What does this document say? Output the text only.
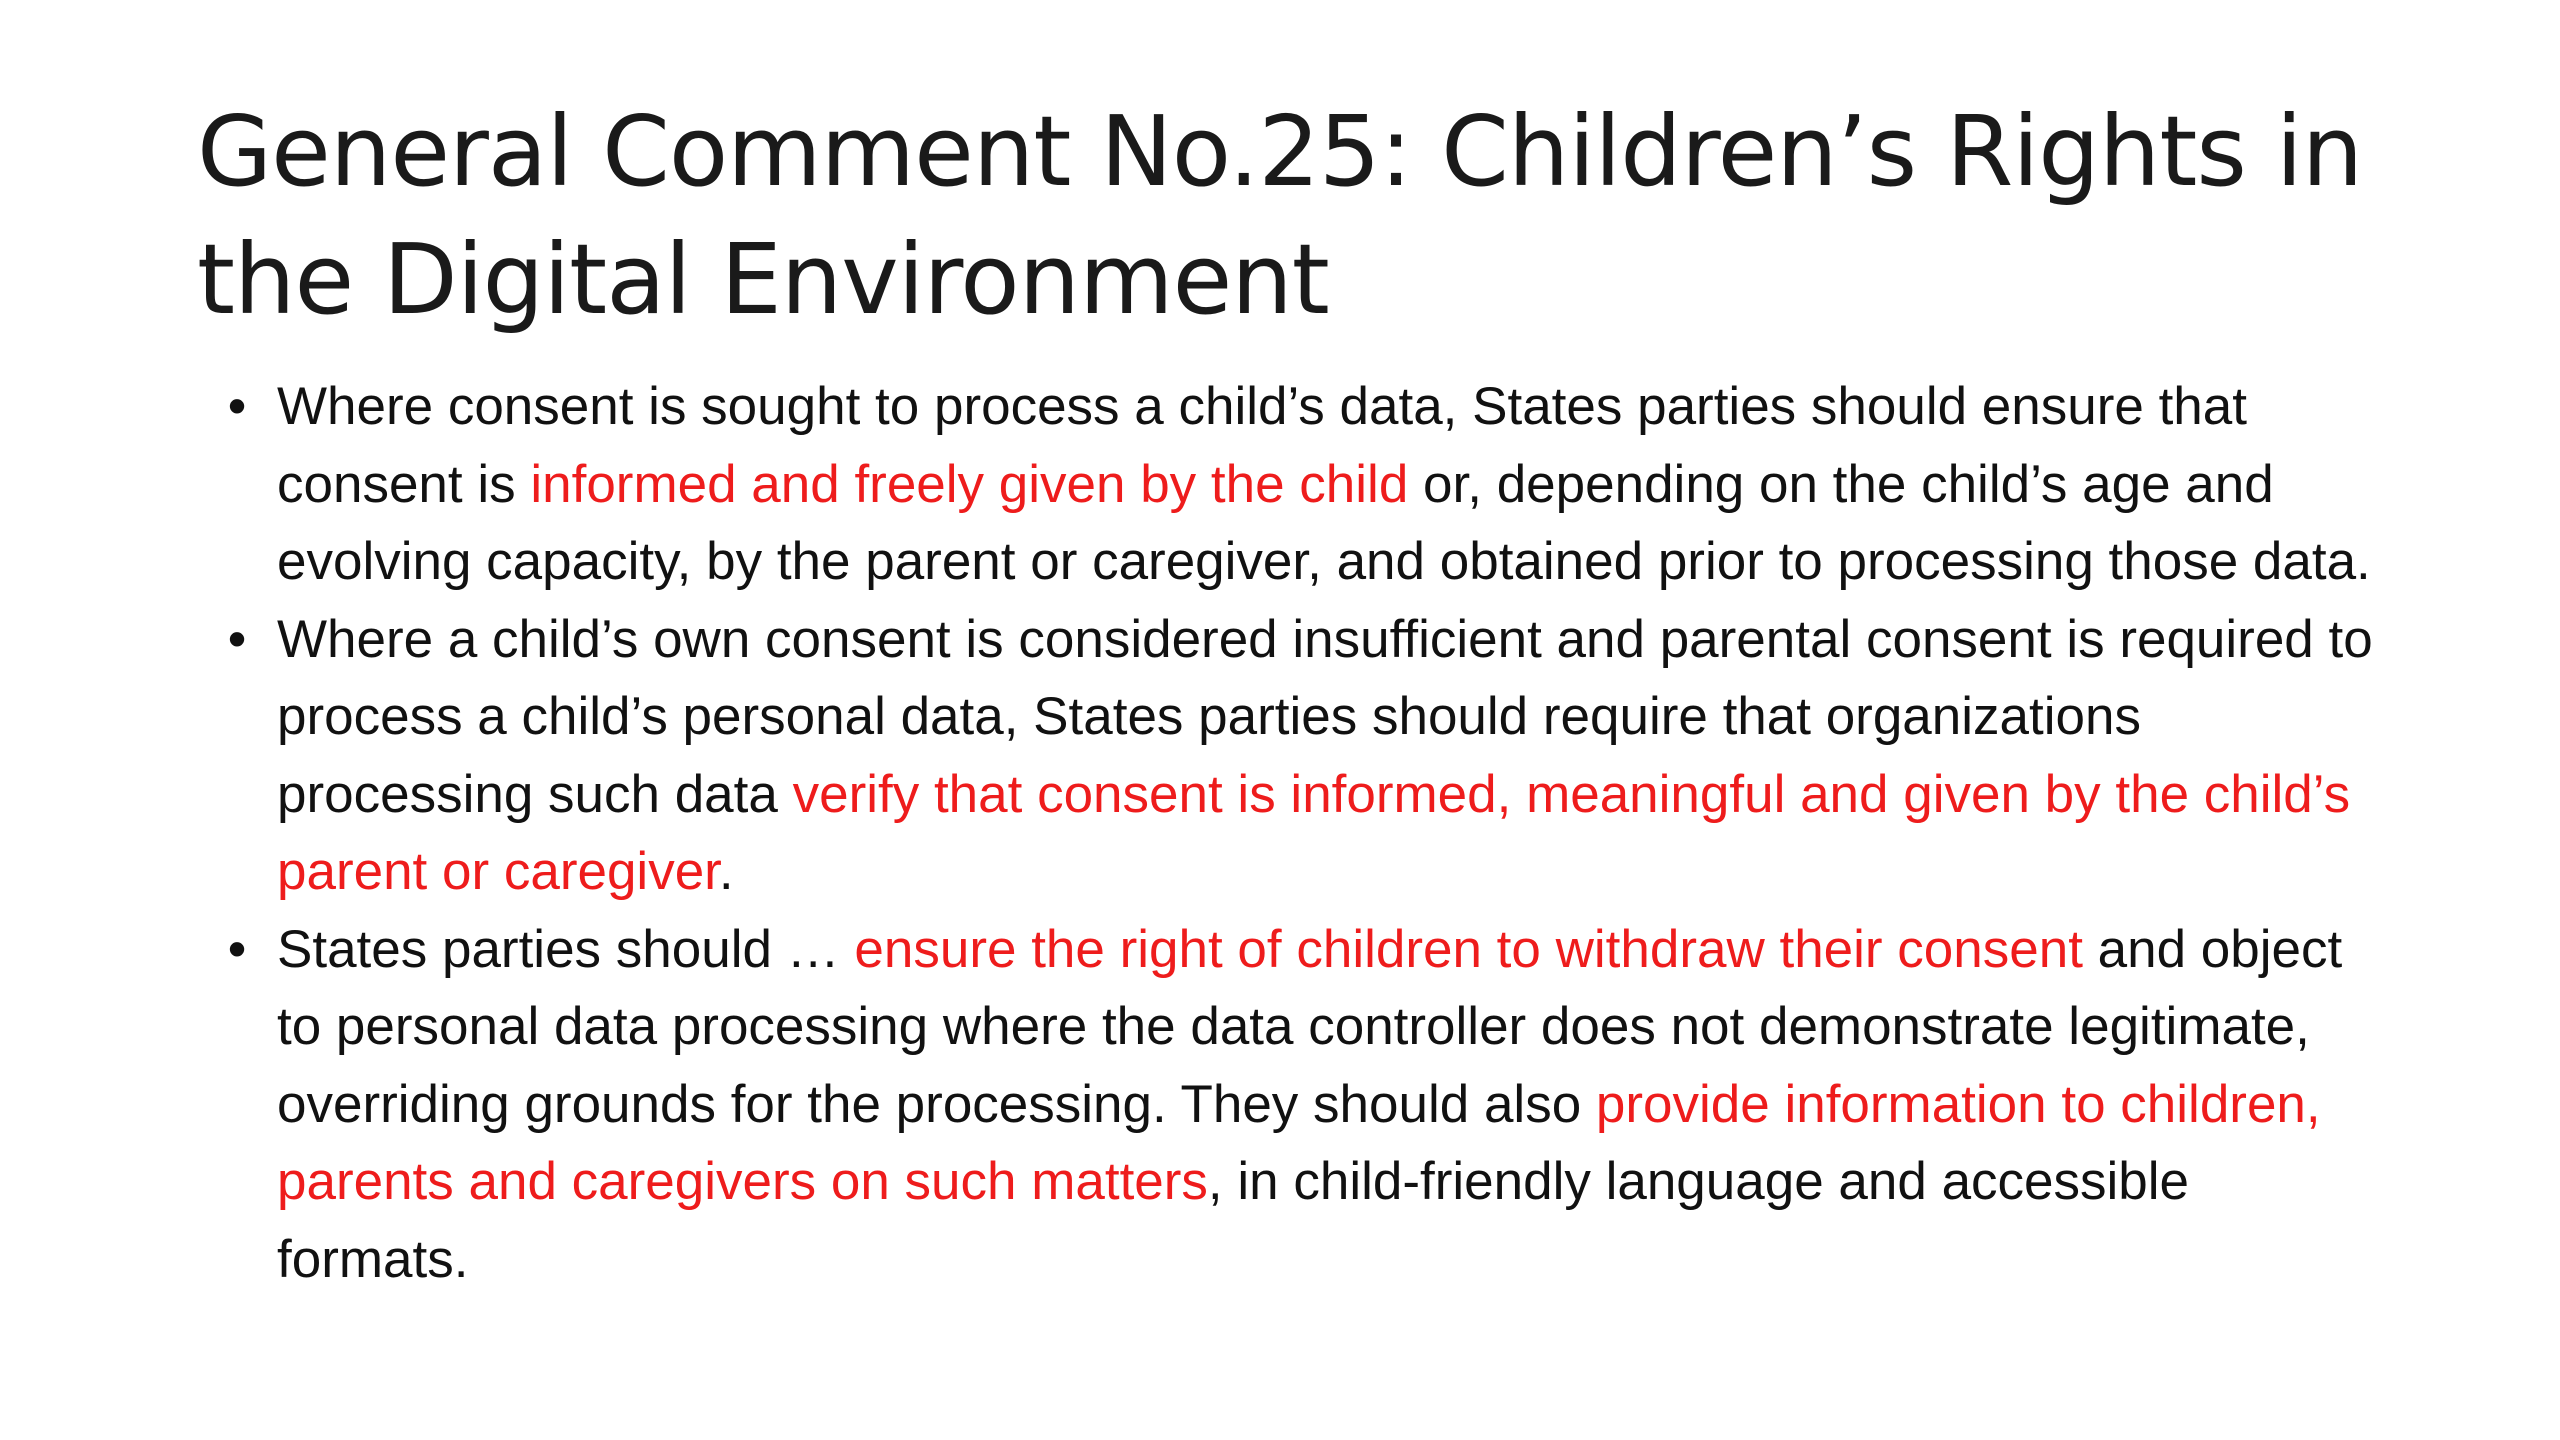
General Comment No.25: Children’s Rights in the Digital Environment
• Where consent is sought to process a child’s data, States parties should ensure that consent is informed and freely given by the child or, depending on the child’s age and evolving capacity, by the parent or caregiver, and obtained prior to processing those data.
• Where a child’s own consent is considered insufficient and parental consent is required to process a child’s personal data, States parties should require that organizations processing such data verify that consent is informed, meaningful and given by the child’s parent or caregiver.
• States parties should … ensure the right of children to withdraw their consent and object to personal data processing where the data controller does not demonstrate legitimate, overriding grounds for the processing. They should also provide information to children, parents and caregivers on such matters, in child-friendly language and accessible formats.
